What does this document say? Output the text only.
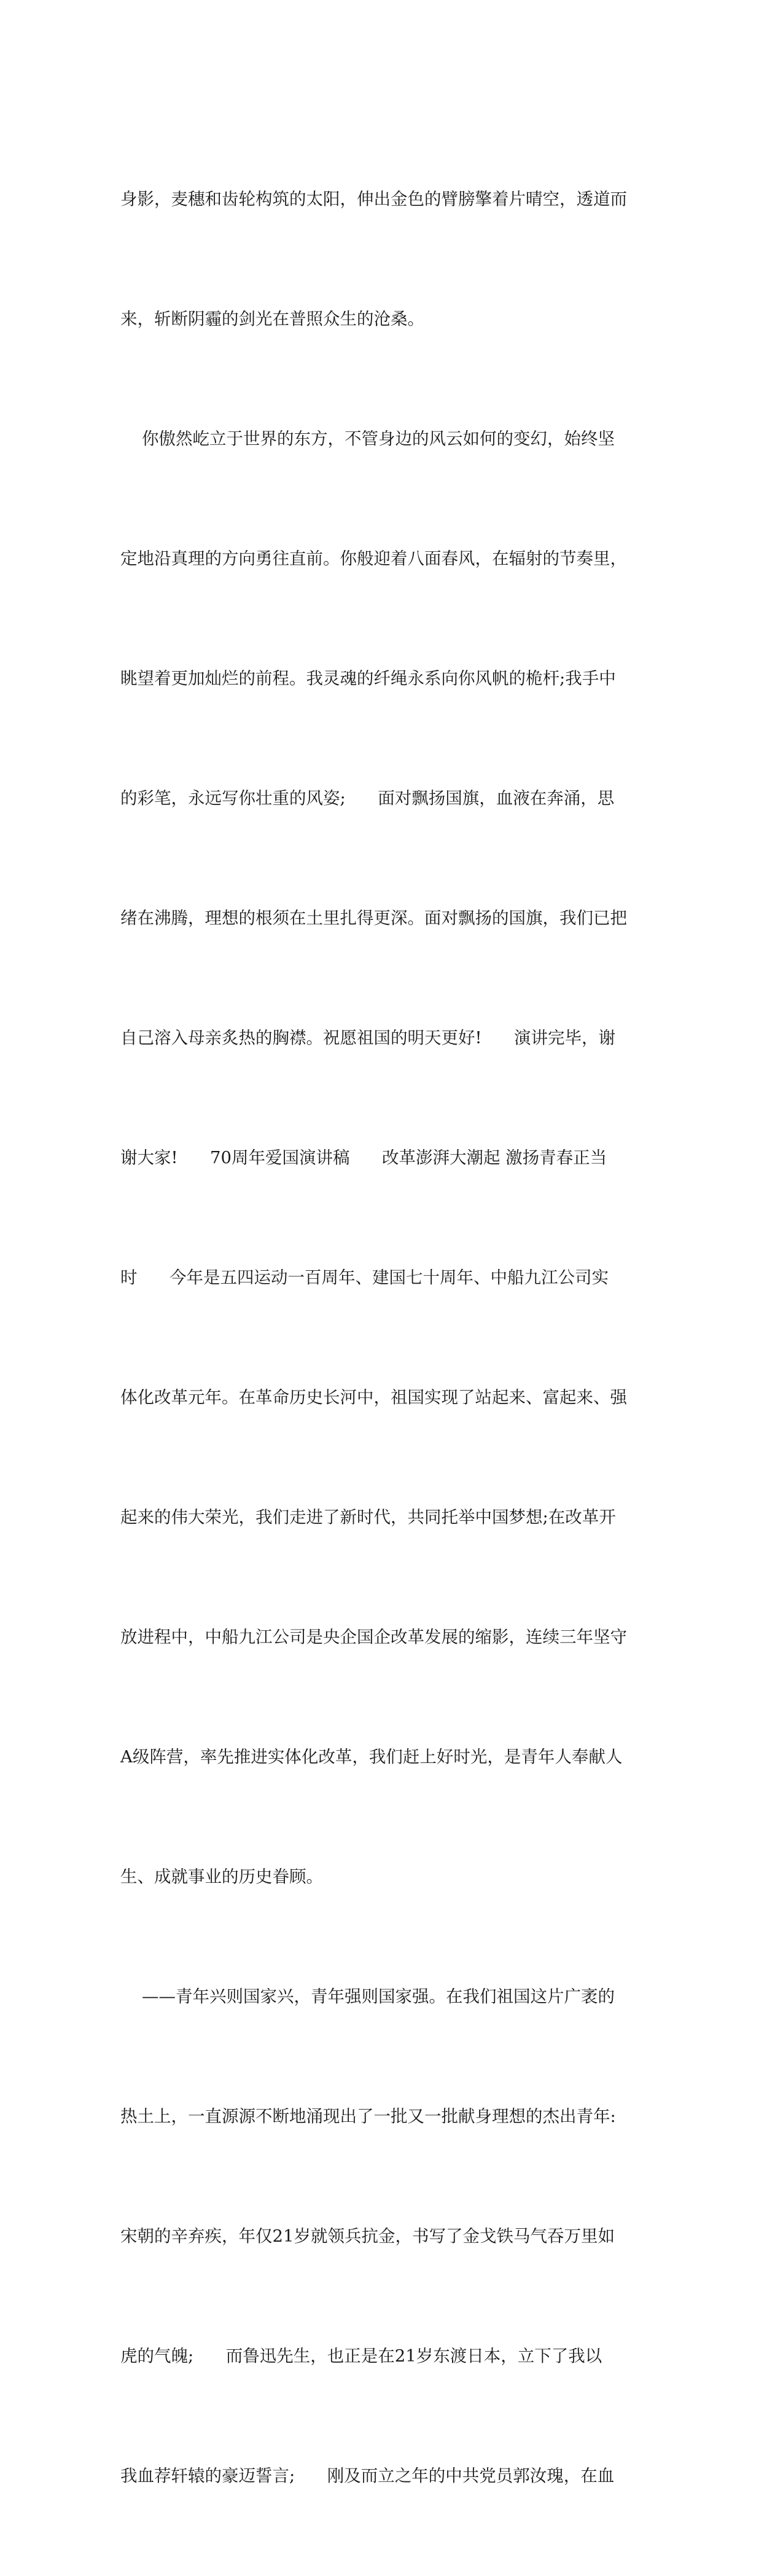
身影，麦穗和齿轮构筑的太阳，伸出金色的臂膀擎着片晴空，透道而

来，斩断阴霾的剑光在普照众生的沧桑。

你傲然屹立于世界的东方，不管身边的风云如何的变幻，始终坚

定地沿真理的方向勇往直前。你般迎着八面春风，在辐射的节奏里，

眺望着更加灿烂的前程。我灵魂的纤绳永系向你风帆的桅杆;我手中

的彩笔，永远写你壮重的风姿;      面对飘扬国旗，血液在奔涌，思

绪在沸腾，理想的根须在土里扎得更深。面对飘扬的国旗，我们已把

自己溶入母亲炙热的胸襟。祝愿祖国的明天更好!      演讲完毕，谢

谢大家!      70周年爱国演讲稿      改革澎湃大潮起 激扬青春正当

时      今年是五四运动一百周年、建国七十周年、中船九江公司实

体化改革元年。在革命历史长河中，祖国实现了站起来、富起来、强

起来的伟大荣光，我们走进了新时代，共同托举中国梦想;在改革开

放进程中，中船九江公司是央企国企改革发展的缩影，连续三年坚守

A级阵营，率先推进实体化改革，我们赶上好时光，是青年人奉献人

生、成就事业的历史眷顾。

——青年兴则国家兴，青年强则国家强。在我们祖国这片广袤的

热土上，一直源源不断地涌现出了一批又一批献身理想的杰出青年:

宋朝的辛弃疾，年仅21岁就领兵抗金，书写了金戈铁马气吞万里如

虎的气魄;      而鲁迅先生，也正是在21岁东渡日本，立下了我以

我血荐轩辕的豪迈誓言;      刚及而立之年的中共党员郭汝瑰，在血
